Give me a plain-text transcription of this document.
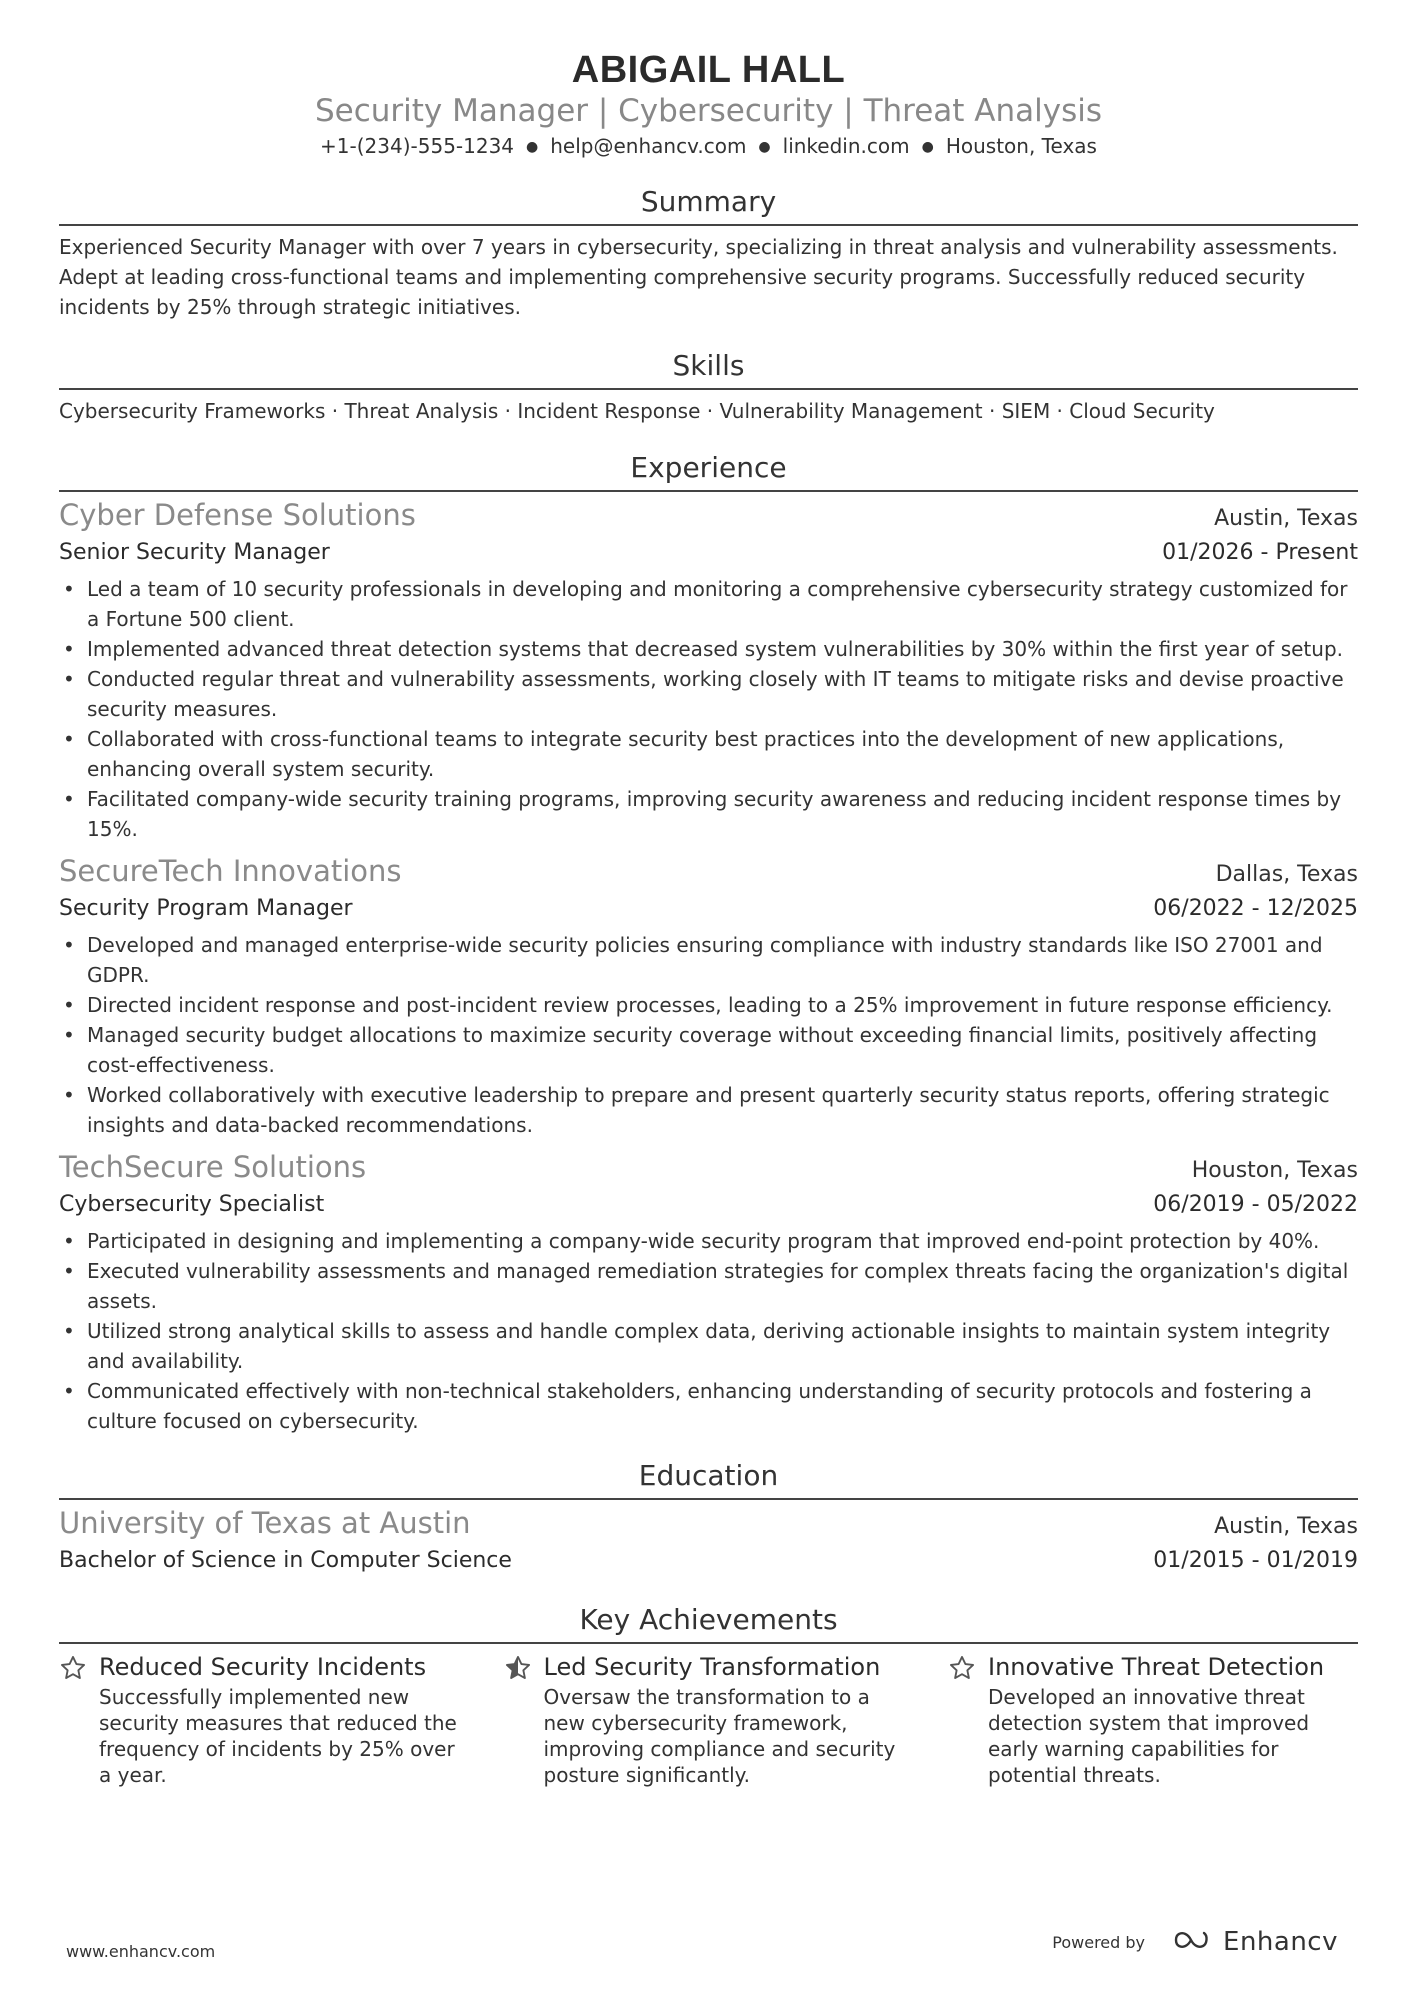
ABIGAIL HALL
Security Manager | Cybersecurity | Threat Analysis
+1-(234)-555-1234 ● help@enhancv.com ● linkedin.com ● Houston, Texas
Summary
Experienced Security Manager with over 7 years in cybersecurity, specializing in threat analysis and vulnerability assessments. Adept at leading cross-functional teams and implementing comprehensive security programs. Successfully reduced security incidents by 25% through strategic initiatives.
Skills
Cybersecurity Frameworks · Threat Analysis · Incident Response · Vulnerability Management · SIEM · Cloud Security
Experience
Cyber Defense Solutions	Austin, Texas
Senior Security Manager	01/2026 - Present
• Led a team of 10 security professionals in developing and monitoring a comprehensive cybersecurity strategy customized for a Fortune 500 client.
• Implemented advanced threat detection systems that decreased system vulnerabilities by 30% within the first year of setup.
• Conducted regular threat and vulnerability assessments, working closely with IT teams to mitigate risks and devise proactive security measures.
• Collaborated with cross-functional teams to integrate security best practices into the development of new applications, enhancing overall system security.
• Facilitated company-wide security training programs, improving security awareness and reducing incident response times by 15%.
SecureTech Innovations	Dallas, Texas
Security Program Manager	06/2022 - 12/2025
• Developed and managed enterprise-wide security policies ensuring compliance with industry standards like ISO 27001 and GDPR.
• Directed incident response and post-incident review processes, leading to a 25% improvement in future response efficiency.
• Managed security budget allocations to maximize security coverage without exceeding financial limits, positively affecting cost-effectiveness.
• Worked collaboratively with executive leadership to prepare and present quarterly security status reports, offering strategic insights and data-backed recommendations.
TechSecure Solutions	Houston, Texas
Cybersecurity Specialist	06/2019 - 05/2022
• Participated in designing and implementing a company-wide security program that improved end-point protection by 40%.
• Executed vulnerability assessments and managed remediation strategies for complex threats facing the organization's digital assets.
• Utilized strong analytical skills to assess and handle complex data, deriving actionable insights to maintain system integrity and availability.
• Communicated effectively with non-technical stakeholders, enhancing understanding of security protocols and fostering a culture focused on cybersecurity.
Education
University of Texas at Austin	Austin, Texas
Bachelor of Science in Computer Science	01/2015 - 01/2019
Key Achievements
Reduced Security Incidents
Successfully implemented new security measures that reduced the frequency of incidents by 25% over a year.
Led Security Transformation
Oversaw the transformation to a new cybersecurity framework, improving compliance and security posture significantly.
Innovative Threat Detection
Developed an innovative threat detection system that improved early warning capabilities for potential threats.
www.enhancv.com	Powered by	Enhancv
